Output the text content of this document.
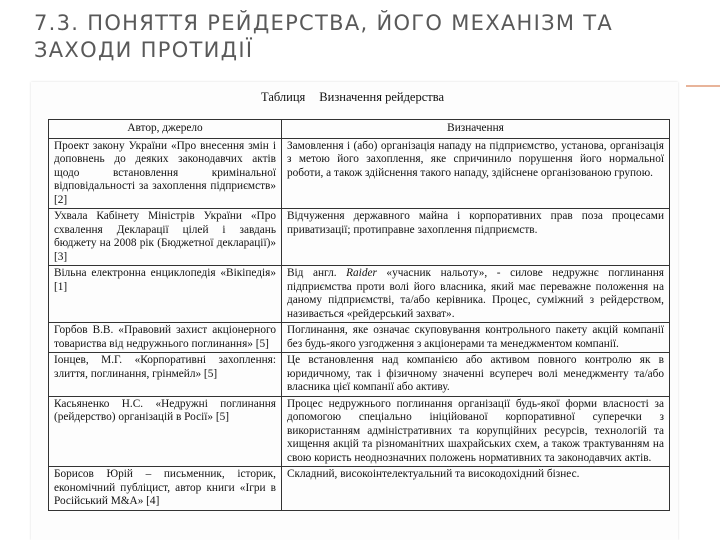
7.3. ПОНЯТТЯ РЕЙДЕРСТВА, ЙОГО МЕХАНІЗМ ТА ЗАХОДИ ПРОТИДІЇ
Таблиця Визначення рейдерства
Автор, джерело	Визначення
Проект закону України «Про внесення змін і доповнень до деяких законодавчих актів щодо встановлення кримінальної відповідальності за захоплення підприємств» [2]	Замовлення і (або) організація нападу на підприємство, установа, організація з метою його захоплення, яке спричинило порушення його нормальної роботи, а також здійснення такого нападу, здійснене організованою групою.
Ухвала Кабінету Міністрів України «Про схвалення Декларації цілей і завдань бюджету на 2008 рік (Бюджетної декларації)» [3]	Відчуження державного майна і корпоративних прав поза процесами приватизації; протиправне захоплення підприємств.
Вільна електронна енциклопедія «Вікіпедія» [1]	Від англ. Raider «учасник нальоту», - силове недружнє поглинання підприємства проти волі його власника, який має переважне положення на даному підприємстві, та/або керівника. Процес, суміжний з рейдерством, називається «рейдерський захват».
Горбов В.В. «Правовий захист акціонерного товариства від недружнього поглинання» [5]	Поглинання, яке означає скуповування контрольного пакету акцій компанії без будь-якого узгодження з акціонерами та менеджментом компанії.
Іонцев, М.Г. «Корпоративні захоплення: злиття, поглинання, грінмейл» [5]	Це встановлення над компанією або активом повного контролю як в юридичному, так і фізичному значенні всупереч волі менеджменту та/або власника цієї компанії або активу.
Касьяненко Н.С. «Недружні поглинання (рейдерство) організацій в Росії» [5]	Процес недружнього поглинання організації будь-якої форми власності за допомогою спеціально ініційованої корпоративної суперечки з використанням адміністративних та корупційних ресурсів, технологій та хищення акцій та різноманітних шахрайських схем, а також трактуванням на свою користь неоднозначних положень нормативних та законодавчих актів.
Борисов Юрій – письменник, історик, економічний публіцист, автор книги «Ігри в Російський M&A» [4]	Складний, високоінтелектуальний та високодохідний бізнес.
